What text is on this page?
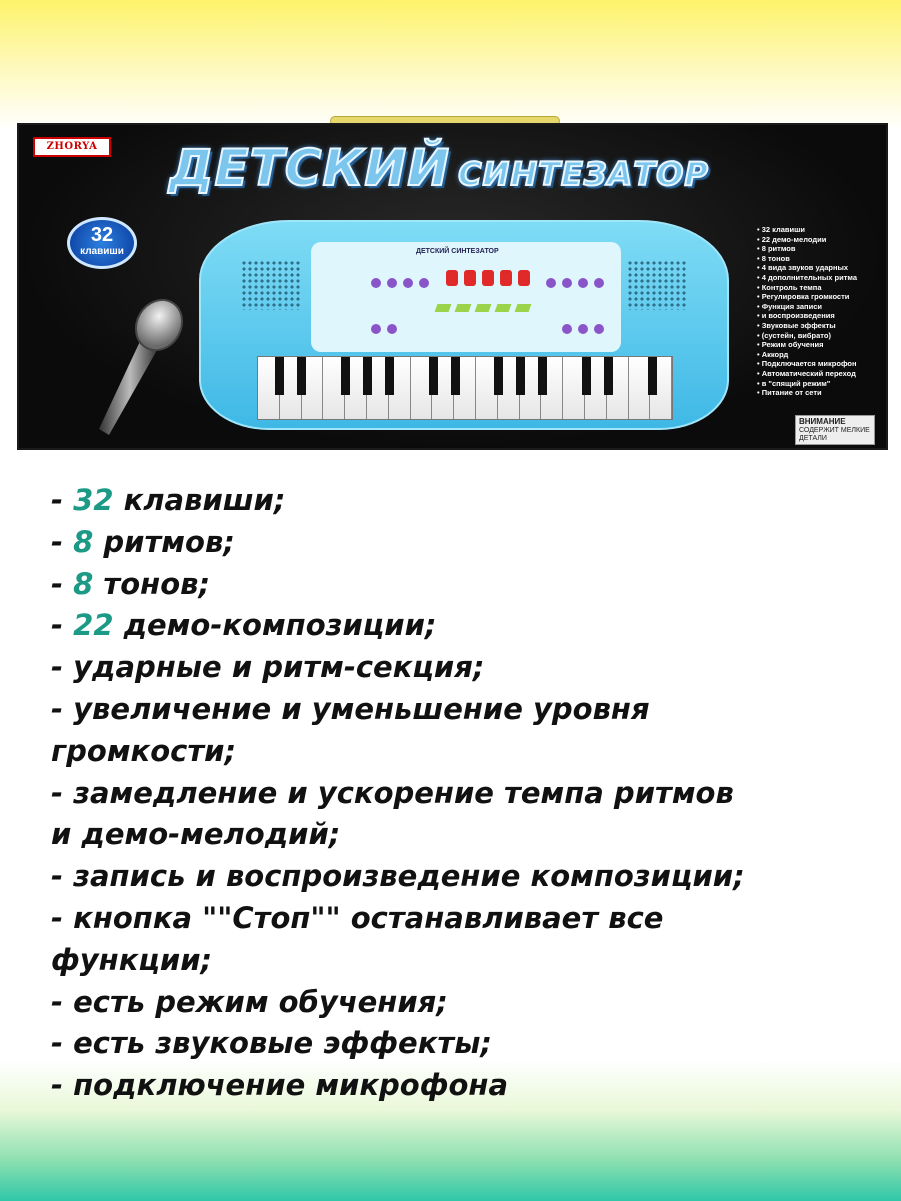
ZHORYA ДЕТСКИЙ СИНТЕЗАТОР
32
клавиши	ДЕТСКИЙ СИНТЕЗАТОР
• 32 клавиши
• 22 демо-мелодии
• 8 ритмов
• 8 тонов
• 4 вида звуков ударных
• 4 дополнительных ритма
• Контроль темпа
• Регулировка громкости
• Функция записи
• и воспроизведения
• Звуковые эффекты
• (сустейн, вибрато)
• Режим обучения
• Аккорд
• Подключается микрофон
• Автоматический переход
• в "спящий режим"
• Питание от сети
ВНИМАНИЕ
СОДЕРЖИТ МЕЛКИЕ ДЕТАЛИ
- 32 клавиши;
- 8 ритмов;
- 8 тонов;
- 22 демо-композиции;
- ударные и ритм-секция;
- увеличение и уменьшение уровня
громкости;
- замедление и ускорение темпа ритмов
и демо-мелодий;
- запись и воспроизведение композиции;
- кнопка ""Стоп"" останавливает все
функции;
- есть режим обучения;
- есть звуковые эффекты;
- подключение микрофона
